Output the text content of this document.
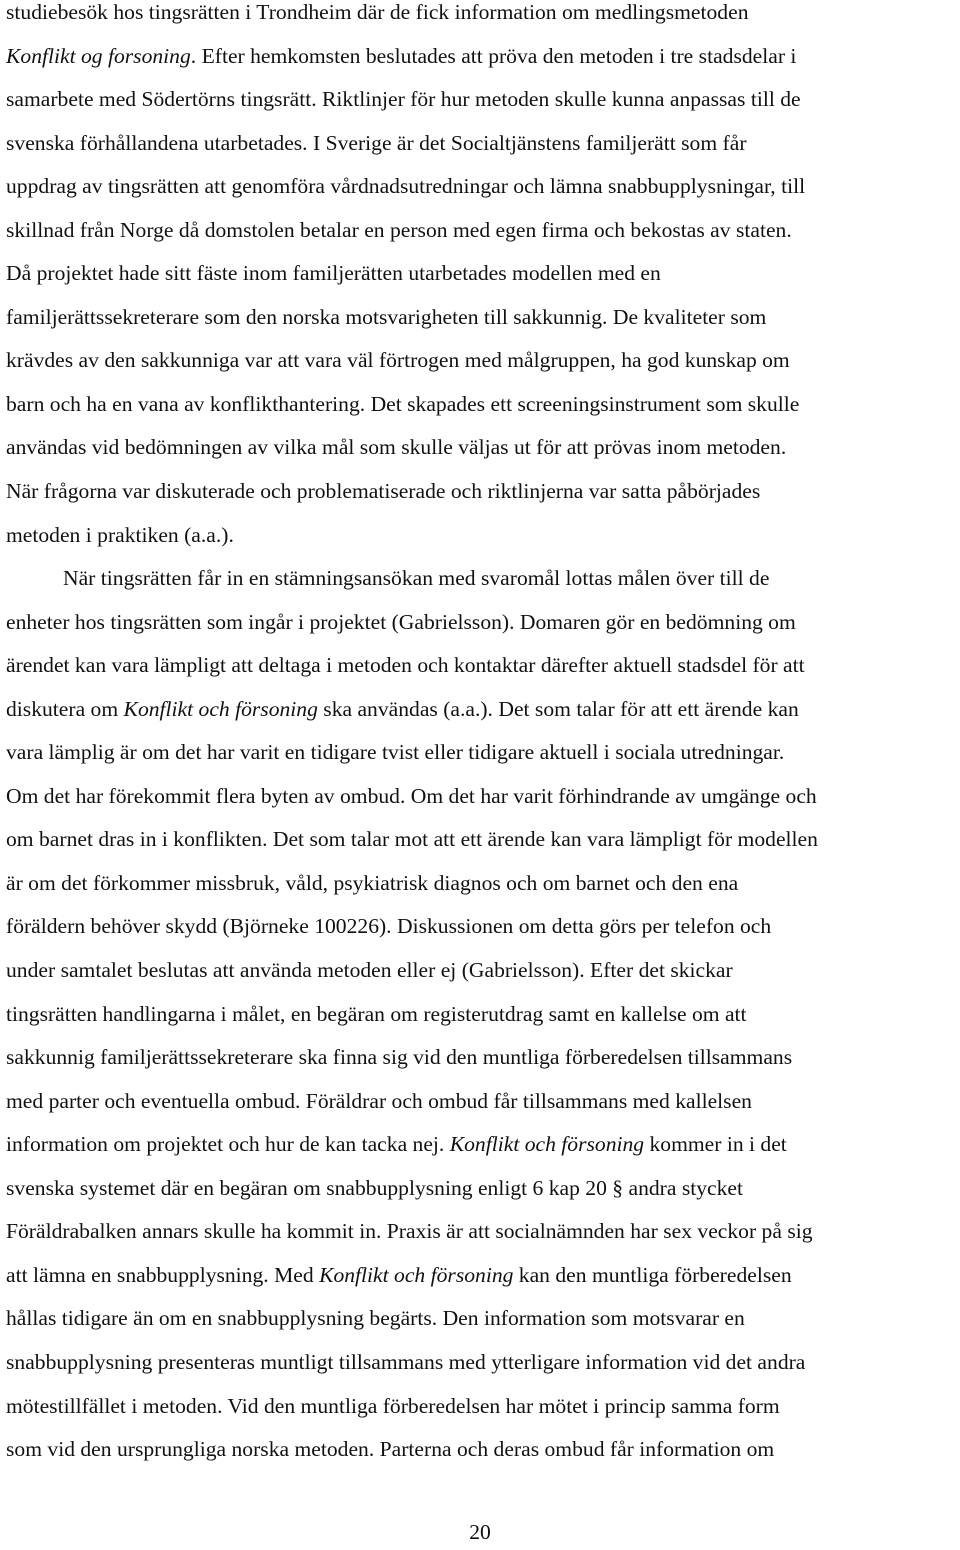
studiebesök hos tingsrätten i Trondheim där de fick information om medlingsmetoden
Konflikt og forsoning. Efter hemkomsten beslutades att pröva den metoden i tre stadsdelar i
samarbete med Södertörns tingsrätt. Riktlinjer för hur metoden skulle kunna anpassas till de
svenska förhållandena utarbetades. I Sverige är det Socialtjänstens familjerätt som får
uppdrag av tingsrätten att genomföra vårdnadsutredningar och lämna snabbupplysningar, till
skillnad från Norge då domstolen betalar en person med egen firma och bekostas av staten.
Då projektet hade sitt fäste inom familjerätten utarbetades modellen med en
familjerättssekreterare som den norska motsvarigheten till sakkunnig. De kvaliteter som
krävdes av den sakkunniga var att vara väl förtrogen med målgruppen, ha god kunskap om
barn och ha en vana av konflikthantering. Det skapades ett screeningsinstrument som skulle
användas vid bedömningen av vilka mål som skulle väljas ut för att prövas inom metoden.
När frågorna var diskuterade och problematiserade och riktlinjerna var satta påbörjades
metoden i praktiken (a.a.).
När tingsrätten får in en stämningsansökan med svaromål lottas målen över till de
enheter hos tingsrätten som ingår i projektet (Gabrielsson). Domaren gör en bedömning om
ärendet kan vara lämpligt att deltaga i metoden och kontaktar därefter aktuell stadsdel för att
diskutera om Konflikt och försoning ska användas (a.a.). Det som talar för att ett ärende kan
vara lämplig är om det har varit en tidigare tvist eller tidigare aktuell i sociala utredningar.
Om det har förekommit flera byten av ombud. Om det har varit förhindrande av umgänge och
om barnet dras in i konflikten. Det som talar mot att ett ärende kan vara lämpligt för modellen
är om det förkommer missbruk, våld, psykiatrisk diagnos och om barnet och den ena
föräldern behöver skydd (Björneke 100226). Diskussionen om detta görs per telefon och
under samtalet beslutas att använda metoden eller ej (Gabrielsson). Efter det skickar
tingsrätten handlingarna i målet, en begäran om registerutdrag samt en kallelse om att
sakkunnig familjerättssekreterare ska finna sig vid den muntliga förberedelsen tillsammans
med parter och eventuella ombud. Föräldrar och ombud får tillsammans med kallelsen
information om projektet och hur de kan tacka nej. Konflikt och försoning kommer in i det
svenska systemet där en begäran om snabbupplysning enligt 6 kap 20 § andra stycket
Föräldrabalken annars skulle ha kommit in. Praxis är att socialnämnden har sex veckor på sig
att lämna en snabbupplysning. Med Konflikt och försoning kan den muntliga förberedelsen
hållas tidigare än om en snabbupplysning begärts. Den information som motsvarar en
snabbupplysning presenteras muntligt tillsammans med ytterligare information vid det andra
mötestillfället i metoden. Vid den muntliga förberedelsen har mötet i princip samma form
som vid den ursprungliga norska metoden. Parterna och deras ombud får information om
20
